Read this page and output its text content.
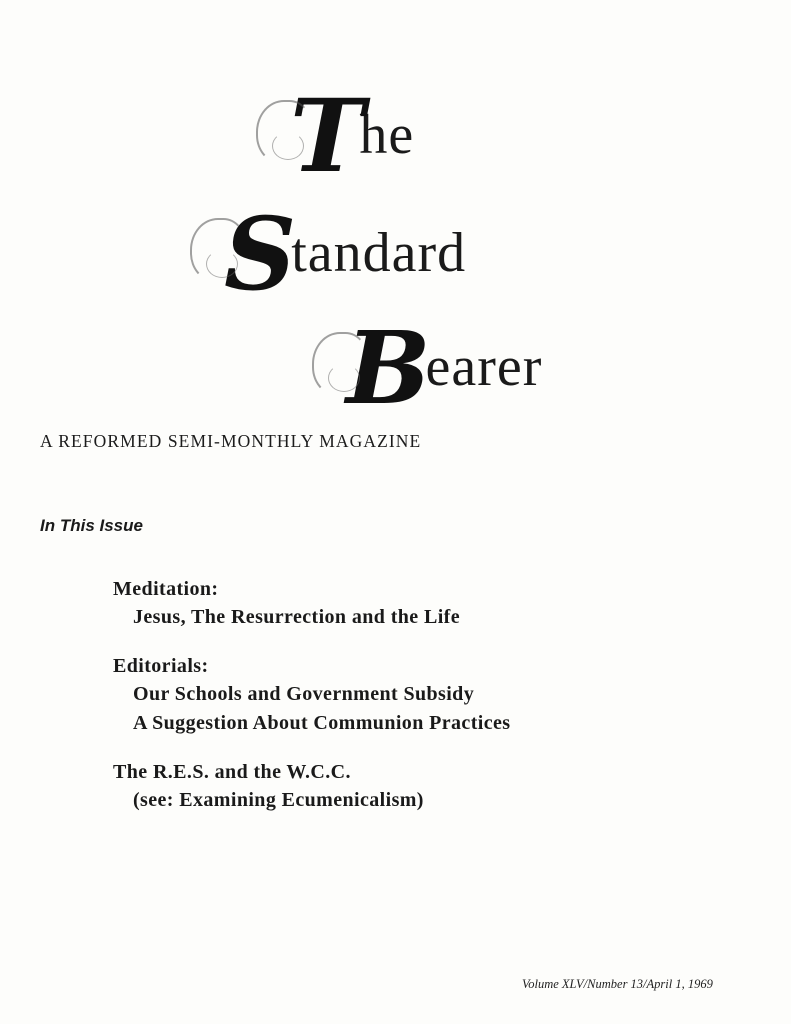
The
Standard
Bearer
A REFORMED SEMI-MONTHLY MAGAZINE
In This Issue
Meditation:
Jesus, The Resurrection and the Life
Editorials:
Our Schools and Government Subsidy
A Suggestion About Communion Practices
The R.E.S. and the W.C.C.
(see: Examining Ecumenicalism)
Volume XLV/Number 13/April 1, 1969
